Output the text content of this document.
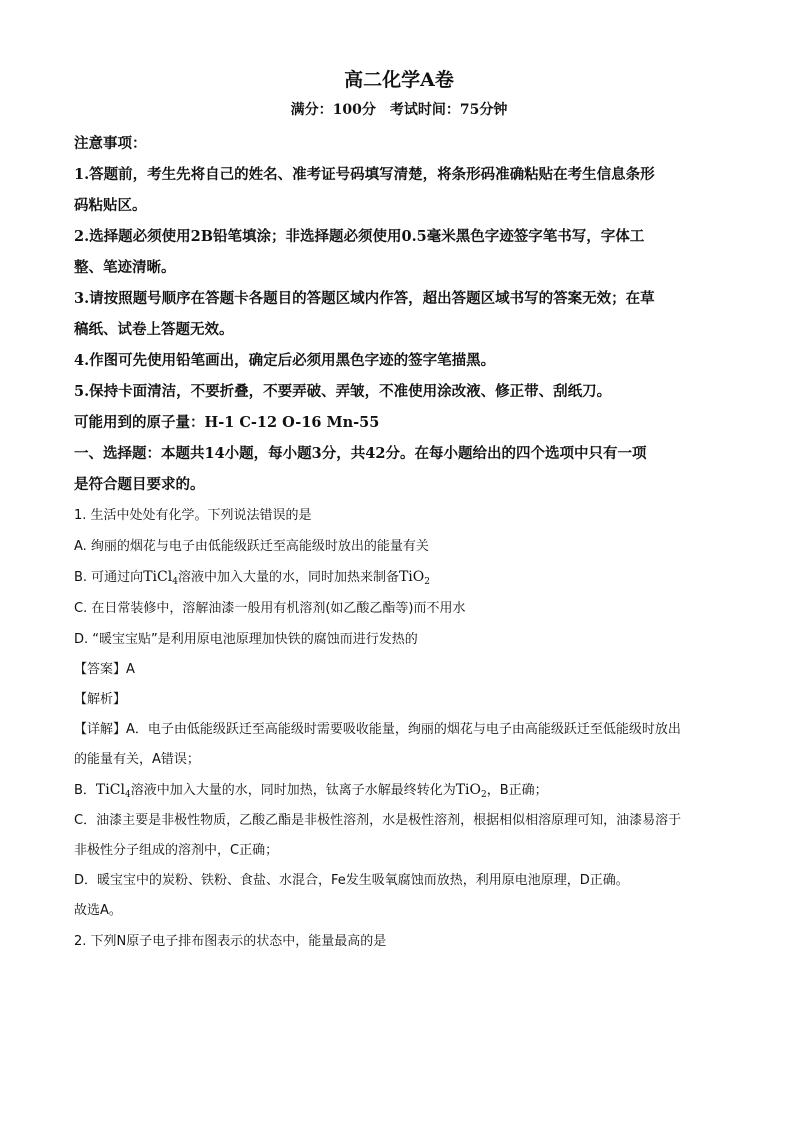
高二化学A卷
满分：100分　考试时间：75分钟
注意事项：
1.答题前，考生先将自己的姓名、准考证号码填写清楚，将条形码准确粘贴在考生信息条形
码粘贴区。
2.选择题必须使用2B铅笔填涂；非选择题必须使用0.5毫米黑色字迹签字笔书写，字体工
整、笔迹清晰。
3.请按照题号顺序在答题卡各题目的答题区域内作答，超出答题区域书写的答案无效；在草
稿纸、试卷上答题无效。
4.作图可先使用铅笔画出，确定后必须用黑色字迹的签字笔描黑。
5.保持卡面清洁，不要折叠，不要弄破、弄皱，不准使用涂改液、修正带、刮纸刀。
可能用到的原子量：H-1 C-12 O-16 Mn-55
一、选择题：本题共14小题，每小题3分，共42分。在每小题给出的四个选项中只有一项
是符合题目要求的。
1. 生活中处处有化学。下列说法错误的是
A. 绚丽的烟花与电子由低能级跃迁至高能级时放出的能量有关
B. 可通过向TiCl$_4$溶液中加入大量的水，同时加热来制备TiO$_2$
C. 在日常装修中，溶解油漆一般用有机溶剂(如乙酸乙酯等)而不用水
D. “暖宝宝贴”是利用原电池原理加快铁的腐蚀而进行发热的
【答案】A
【解析】
【详解】A．电子由低能级跃迁至高能级时需要吸收能量，绚丽的烟花与电子由高能级跃迁至低能级时放出
的能量有关，A错误；
B．TiCl$_4$溶液中加入大量的水，同时加热，钛离子水解最终转化为TiO$_2$，B正确；
C．油漆主要是非极性物质，乙酸乙酯是非极性溶剂，水是极性溶剂，根据相似相溶原理可知，油漆易溶于
非极性分子组成的溶剂中，C正确；
D．暖宝宝中的炭粉、铁粉、食盐、水混合，Fe发生吸氧腐蚀而放热，利用原电池原理，D正确。
故选A。
2. 下列N原子电子排布图表示的状态中，能量最高的是
